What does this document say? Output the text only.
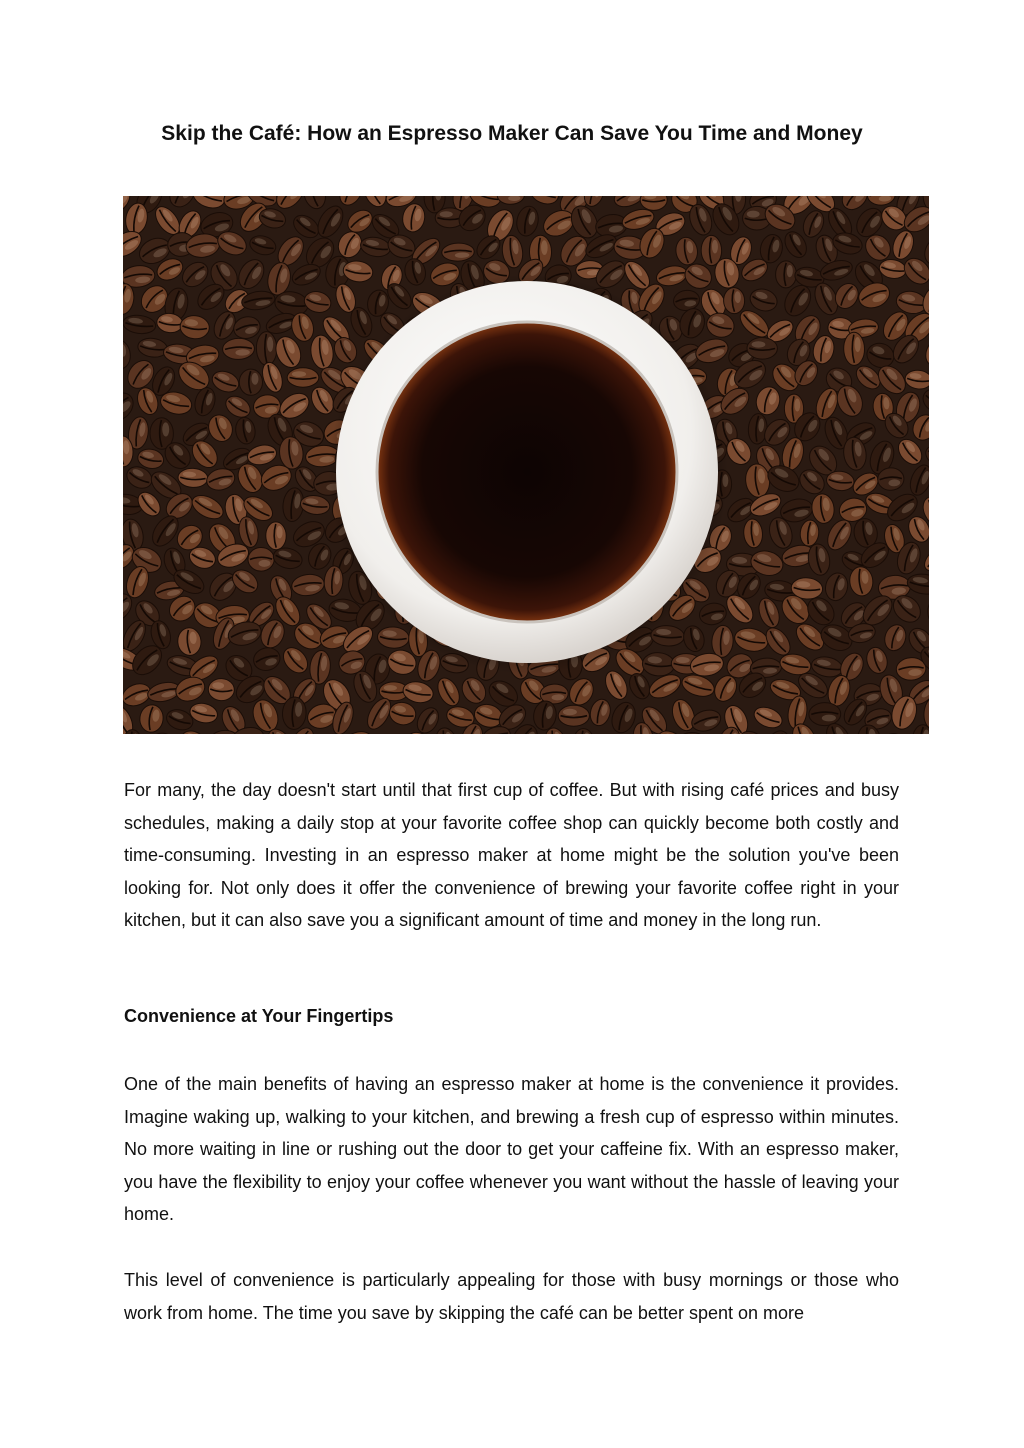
Skip the Café: How an Espresso Maker Can Save You Time and Money

For many, the day doesn't start until that first cup of coffee. But with rising café prices and busy schedules, making a daily stop at your favorite coffee shop can quickly become both costly and time-consuming. Investing in an espresso maker at home might be the solution you've been looking for. Not only does it offer the convenience of brewing your favorite coffee right in your kitchen, but it can also save you a significant amount of time and money in the long run.

Convenience at Your Fingertips

One of the main benefits of having an espresso maker at home is the convenience it provides. Imagine waking up, walking to your kitchen, and brewing a fresh cup of espresso within minutes. No more waiting in line or rushing out the door to get your caffeine fix. With an espresso maker, you have the flexibility to enjoy your coffee whenever you want without the hassle of leaving your home.

This level of convenience is particularly appealing for those with busy mornings or those who work from home. The time you save by skipping the café can be better spent on more
